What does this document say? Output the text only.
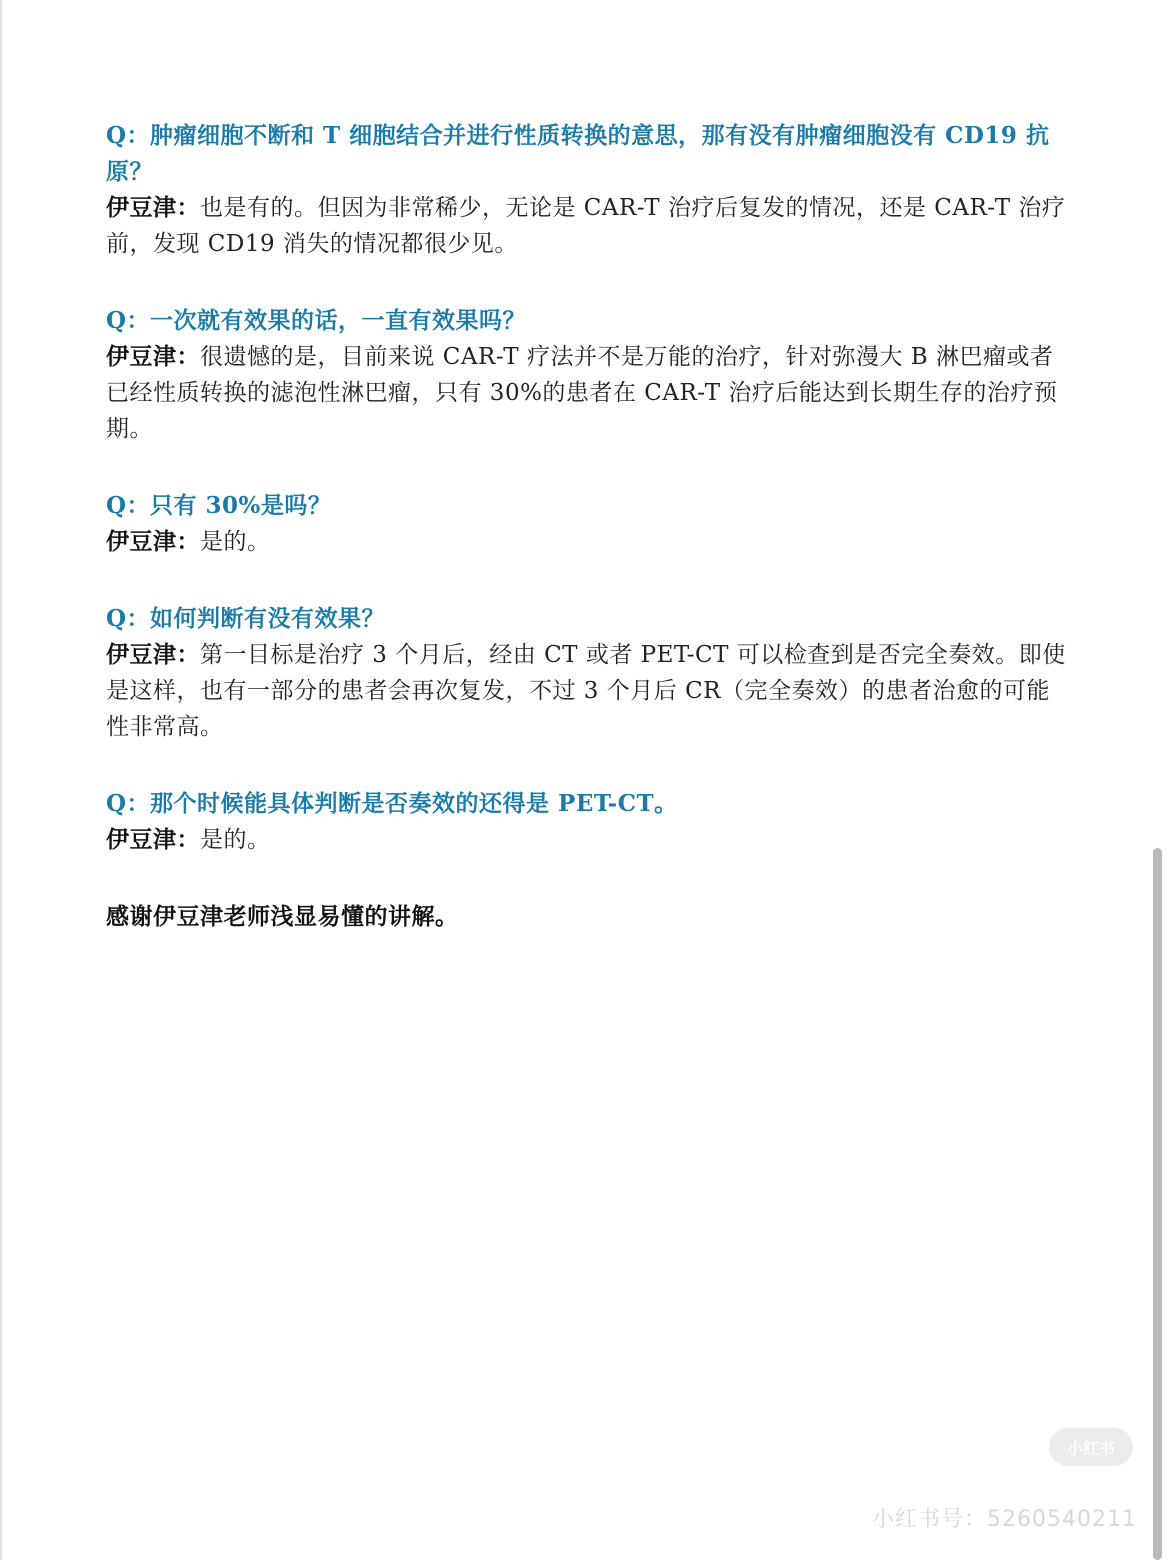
Q：肿瘤细胞不断和 T 细胞结合并进行性质转换的意思，那有没有肿瘤细胞没有 CD19 抗原？

伊豆津：也是有的。但因为非常稀少，无论是 CAR-T 治疗后复发的情况，还是 CAR-T 治疗前，发现 CD19 消失的情况都很少见。

Q：一次就有效果的话，一直有效果吗？

伊豆津：很遗憾的是，目前来说 CAR-T 疗法并不是万能的治疗，针对弥漫大 B 淋巴瘤或者已经性质转换的滤泡性淋巴瘤，只有 30%的患者在 CAR-T 治疗后能达到长期生存的治疗预期。

Q：只有 30%是吗？

伊豆津：是的。

Q：如何判断有没有效果？

伊豆津：第一目标是治疗 3 个月后，经由 CT 或者 PET-CT 可以检查到是否完全奏效。即使是这样，也有一部分的患者会再次复发，不过 3 个月后 CR（完全奏效）的患者治愈的可能性非常高。

Q：那个时候能具体判断是否奏效的还得是 PET-CT。

伊豆津：是的。

感谢伊豆津老师浅显易懂的讲解。

小红书
小红书号：5260540211
